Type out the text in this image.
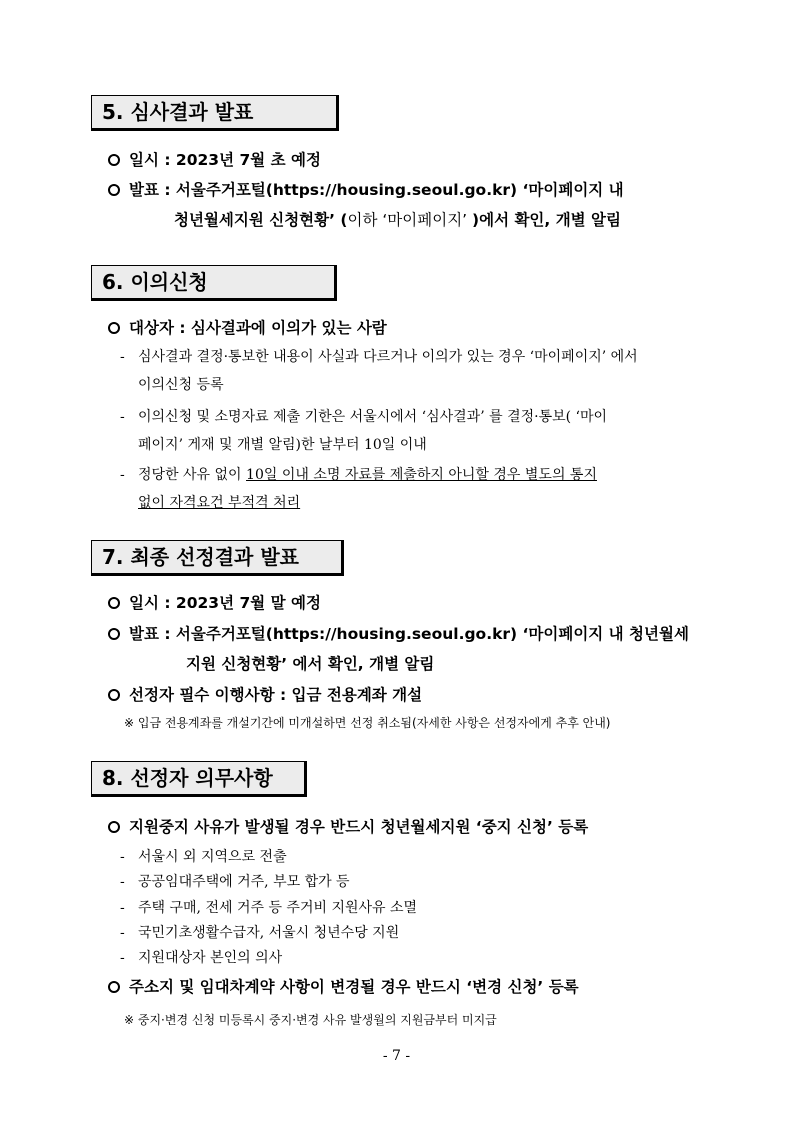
5. 심사결과 발표
일시 : 2023년 7월 초 예정
발표 : 서울주거포털(https://housing.seoul.go.kr) ‘마이페이지 내
청년월세지원 신청현황’ (이하 ‘마이페이지’ )에서 확인, 개별 알림
6. 이의신청
대상자 : 심사결과에 이의가 있는 사람
- 심사결과 결정·통보한 내용이 사실과 다르거나 이의가 있는 경우 ‘마이페이지’ 에서
이의신청 등록
- 이의신청 및 소명자료 제출 기한은 서울시에서 ‘심사결과’ 를 결정·통보( ‘마이
페이지’ 게재 및 개별 알림)한 날부터 10일 이내
- 정당한 사유 없이 10일 이내 소명 자료를 제출하지 아니할 경우 별도의 통지
없이 자격요건 부적격 처리
7. 최종 선정결과 발표
일시 : 2023년 7월 말 예정
발표 : 서울주거포털(https://housing.seoul.go.kr) ‘마이페이지 내 청년월세
지원 신청현황’ 에서 확인, 개별 알림
선정자 필수 이행사항 : 입금 전용계좌 개설
※ 입금 전용계좌를 개설기간에 미개설하면 선정 취소됨(자세한 사항은 선정자에게 추후 안내)
8. 선정자 의무사항
지원중지 사유가 발생될 경우 반드시 청년월세지원 ‘중지 신청’ 등록
- 서울시 외 지역으로 전출
- 공공임대주택에 거주, 부모 합가 등
- 주택 구매, 전세 거주 등 주거비 지원사유 소멸
- 국민기초생활수급자, 서울시 청년수당 지원
- 지원대상자 본인의 의사
주소지 및 임대차계약 사항이 변경될 경우 반드시 ‘변경 신청’ 등록
※ 중지·변경 신청 미등록시 중지·변경 사유 발생월의 지원금부터 미지급
- 7 -
